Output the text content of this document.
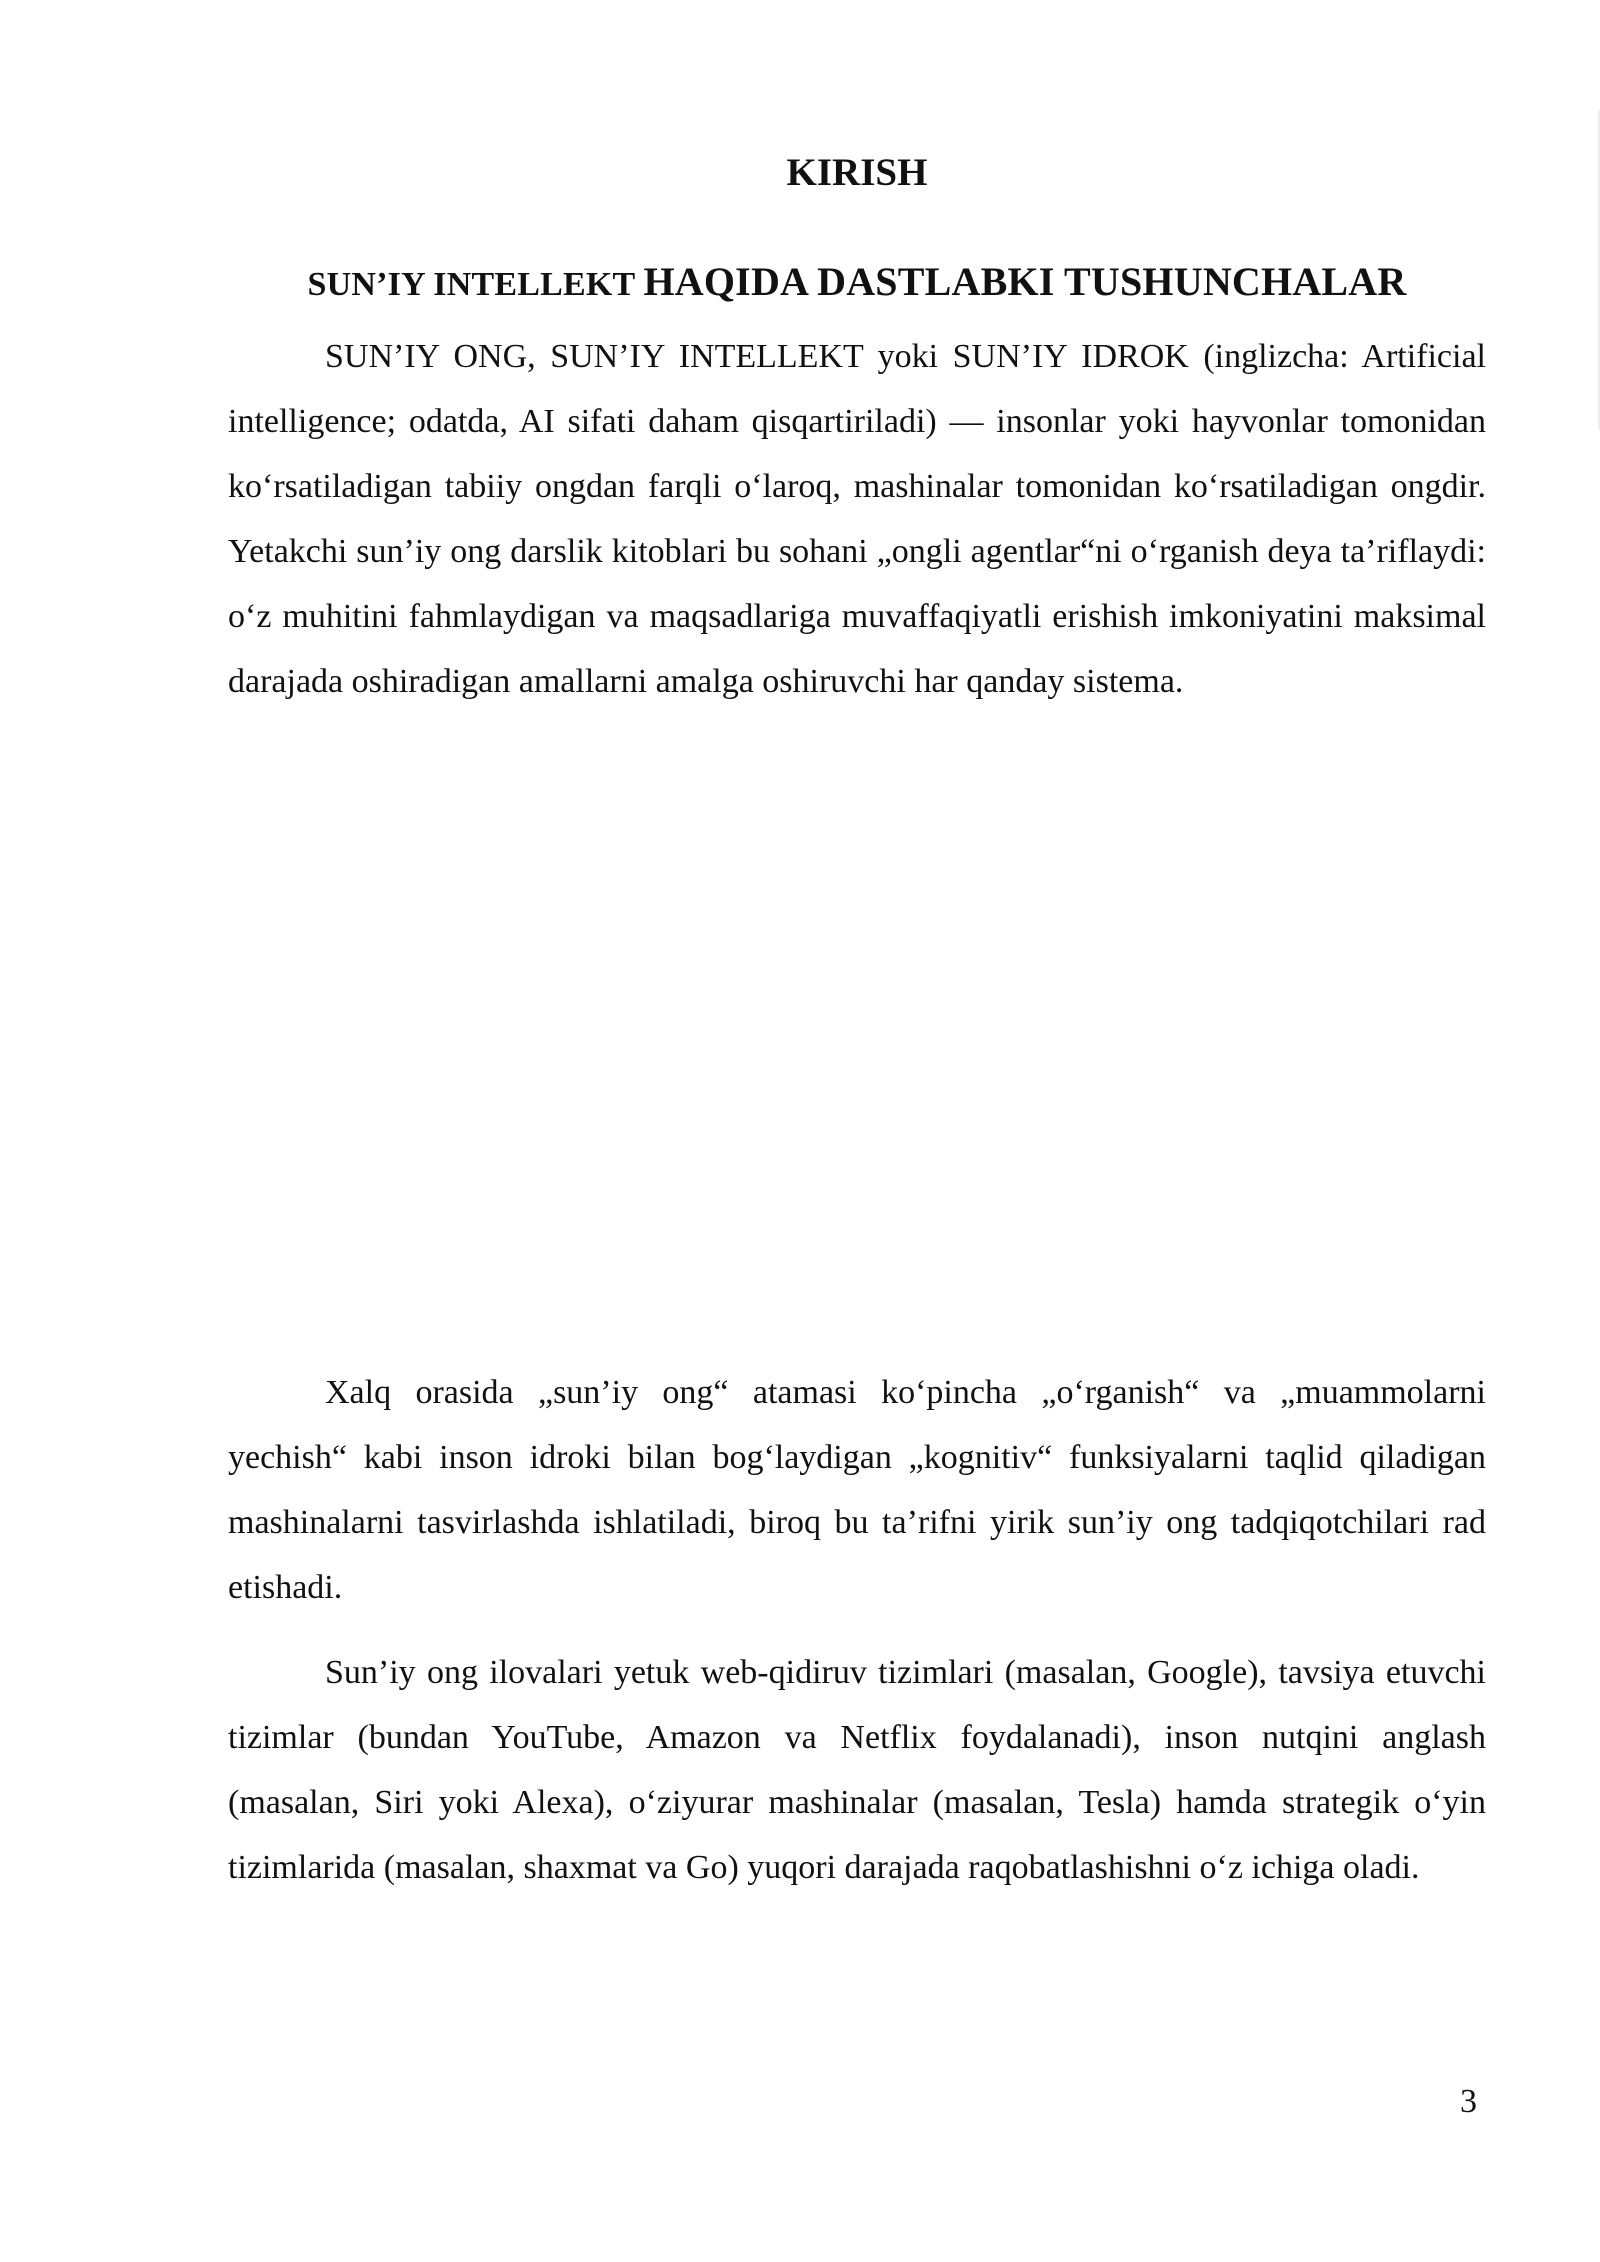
KIRISH
SUN’IY INTELLEKT HAQIDA DASTLABKI TUSHUNCHALAR

SUN’IY ONG, SUN’IY INTELLEKT yoki SUN’IY IDROK (inglizcha: Artificial intelligence; odatda, AI sifati daham qisqartiriladi) — insonlar yoki hayvonlar tomonidan ko‘rsatiladigan tabiiy ongdan farqli o‘laroq, mashinalar tomonidan ko‘rsatiladigan ongdir. Yetakchi sun’iy ong darslik kitoblari bu sohani „ongli agentlar“ni o‘rganish deya ta’riflaydi: o‘z muhitini fahmlaydigan va maqsadlariga muvaffaqiyatli erishish imkoniyatini maksimal darajada oshiradigan amallarni amalga oshiruvchi har qanday sistema.

Xalq orasida „sun’iy ong“ atamasi ko‘pincha „o‘rganish“ va „muammolarni yechish“ kabi inson idroki bilan bog‘laydigan „kognitiv“ funksiyalarni taqlid qiladigan mashinalarni tasvirlashda ishlatiladi, biroq bu ta’rifni yirik sun’iy ong tadqiqotchilari rad etishadi.

Sun’iy ong ilovalari yetuk web-qidiruv tizimlari (masalan, Google), tavsiya etuvchi tizimlar (bundan YouTube, Amazon va Netflix foydalanadi), inson nutqini anglash (masalan, Siri yoki Alexa), o‘ziyurar mashinalar (masalan, Tesla) hamda strategik o‘yin tizimlarida (masalan, shaxmat va Go) yuqori darajada raqobatlashishni o‘z ichiga oladi.

3
